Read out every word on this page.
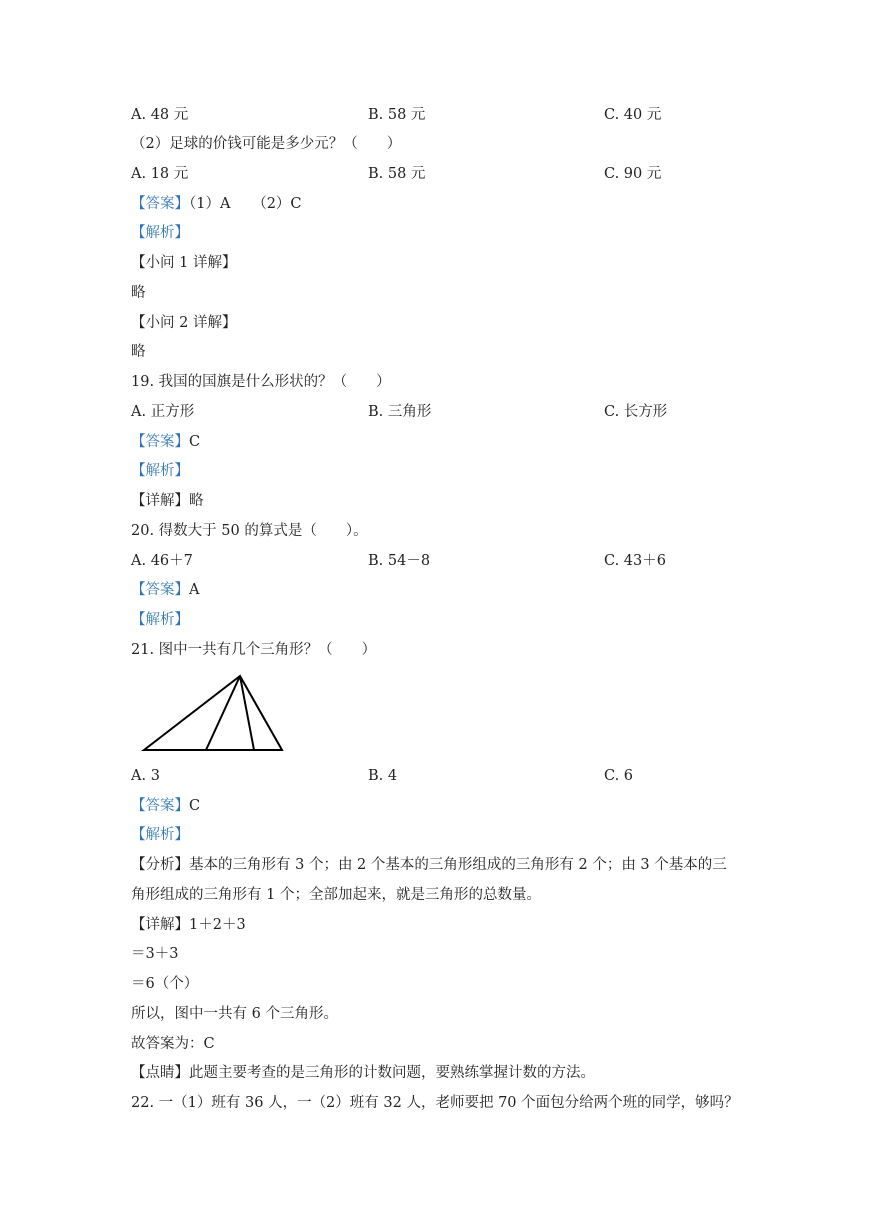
A. 48 元	B. 58 元	C. 40 元
（2）足球的价钱可能是多少元？（　　）
A. 18 元	B. 58 元	C. 90 元
【答案】（1）A　　（2）C
【解析】
【小问 1 详解】
略
【小问 2 详解】
略
19. 我国的国旗是什么形状的？（　　）
A. 正方形	B. 三角形	C. 长方形
【答案】C
【解析】
【详解】略
20. 得数大于 50 的算式是（　　）。
A. 46＋7	B. 54－8	C. 43＋6
【答案】A
【解析】
21. 图中一共有几个三角形？（　　）
A. 3	B. 4	C. 6
【答案】C
【解析】
【分析】基本的三角形有 3 个；由 2 个基本的三角形组成的三角形有 2 个；由 3 个基本的三
角形组成的三角形有 1 个；全部加起来，就是三角形的总数量。
【详解】1＋2＋3
＝3＋3
＝6（个）
所以，图中一共有 6 个三角形。
故答案为：C
【点睛】此题主要考查的是三角形的计数问题，要熟练掌握计数的方法。
22. 一（1）班有 36 人，一（2）班有 32 人，老师要把 70 个面包分给两个班的同学，够吗？
